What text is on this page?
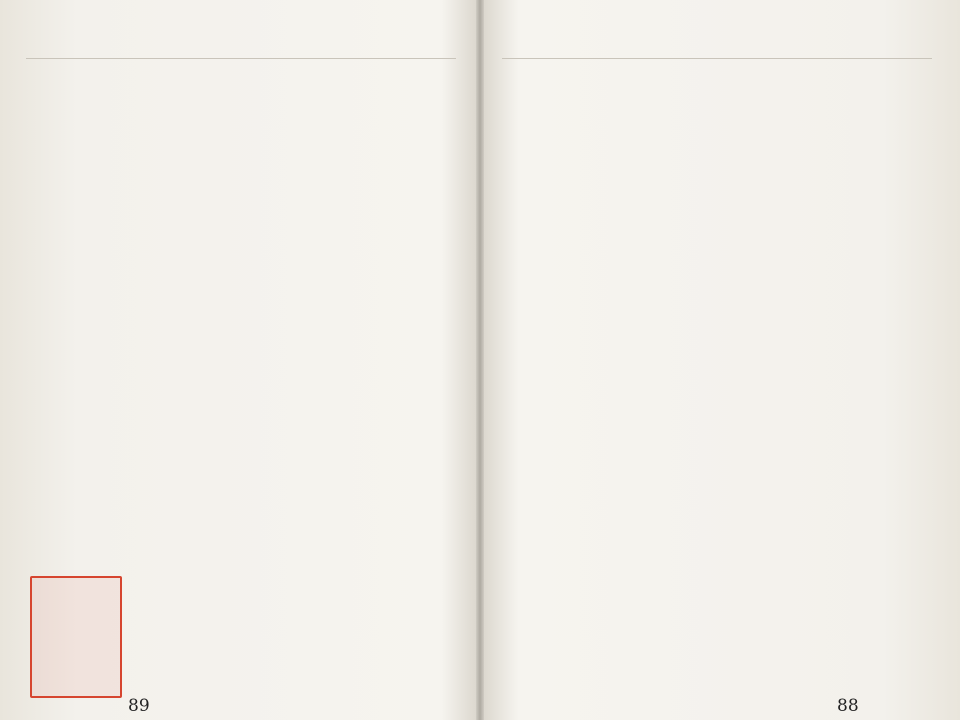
89	88
